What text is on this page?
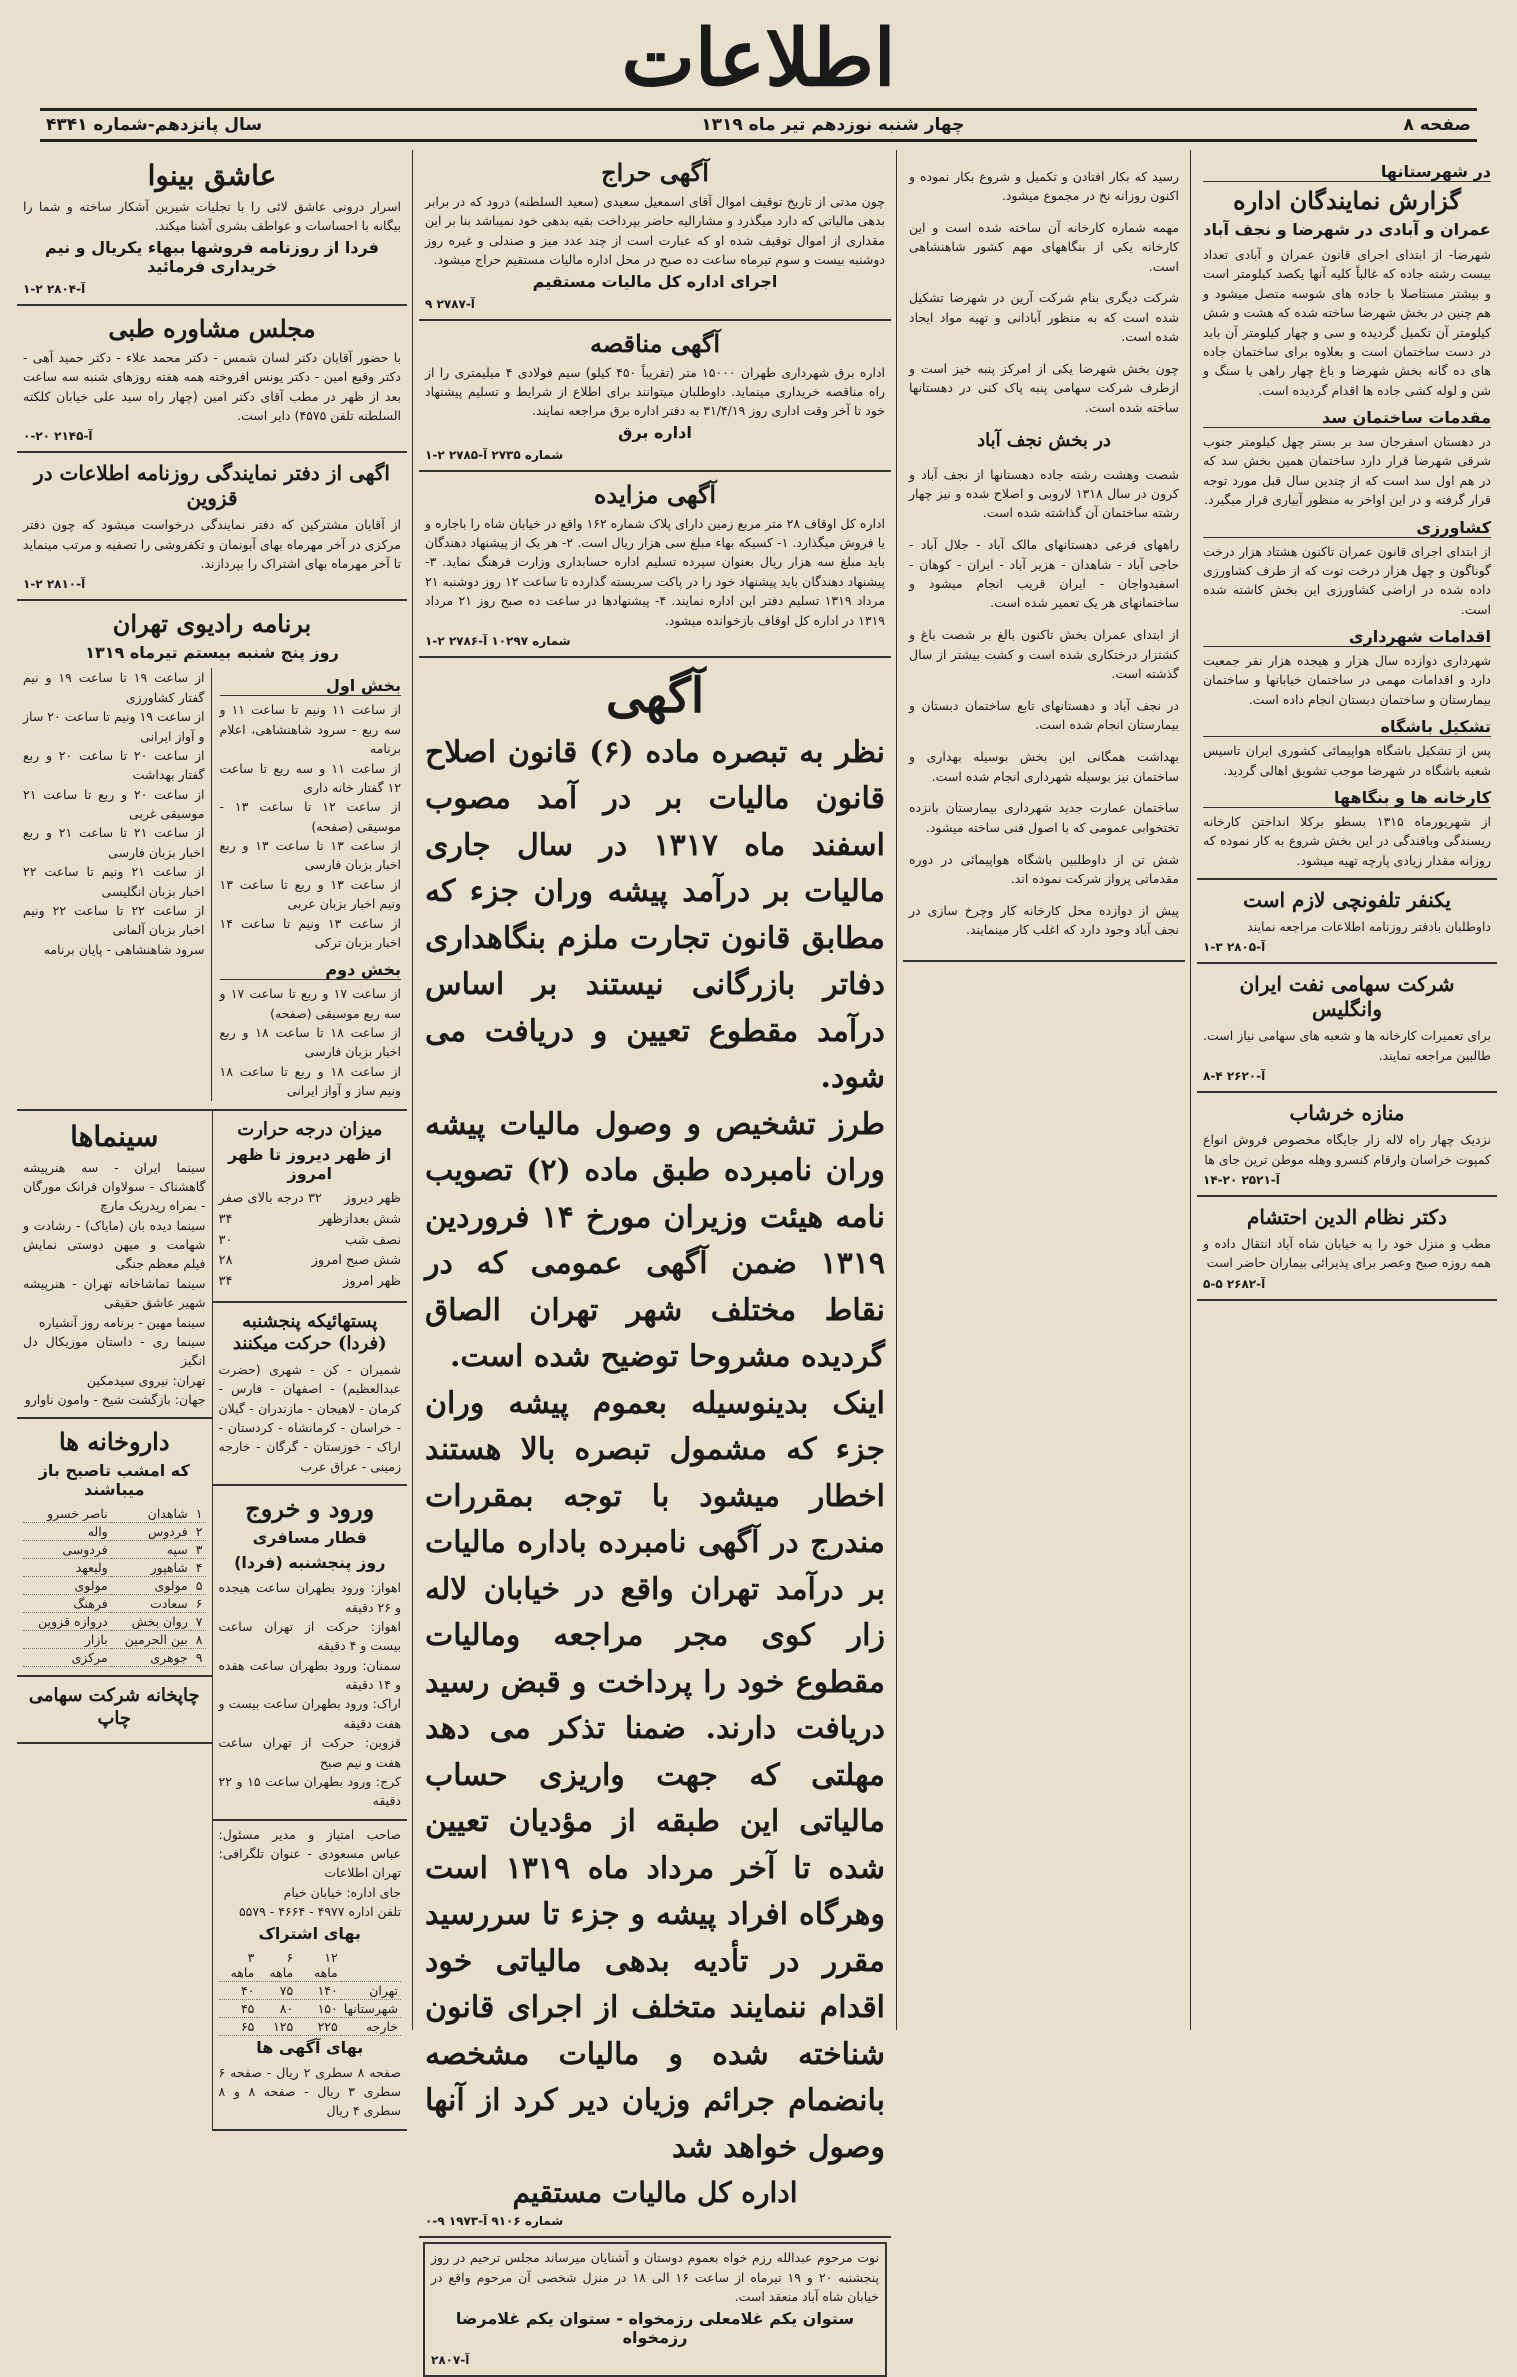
اطلاعات
صفحه ۸
چهار شنبه نوزدهم تیر ماه ۱۳۱۹
سال پانزدهم-شماره ۴۳۴۱
در شهرستانها
گزارش نمایندگان اداره
عمران و آبادی در شهرضا و نجف آباد
شهرضا- از ابتدای اجرای قانون عمران و آبادی تعداد بیست رشته جاده که غالباً کلیه آنها یکصد کیلومتر است و بیشتر مستاصلا با جاده های شوسه متصل میشود و هم چنین در بخش شهرضا ساخته شده که هشت و شش کیلومتر آن تکمیل گردیده و سی و چهار کیلومتر آن باید در دست ساختمان است و بعلاوه برای ساختمان جاده های ده گانه بخش شهرضا و باغ چهار راهی با سنگ و شن و لوله کشی جاده ها اقدام گردیده است.
مقدمات ساختمان سد
در دهستان اسفرجان سد بر بستر چهل کیلومتر جنوب شرقی شهرضا قرار دارد ساختمان همین بخش سد که در هم اول سد است که از چندین سال قبل مورد توجه قرار گرفته و در این اواخر به منظور آبیاری قرار میگیرد.
کشاورزی
از ابتدای اجرای قانون عمران تاکنون هشتاد هزار درخت گوناگون و چهل هزار درخت توت که از طرف کشاورزی داده شده در اراضی کشاورزی این بخش کاشته شده است.
اقدامات شهرداری
شهرداری دوازده سال هزار و هیجده هزار نفر جمعیت دارد و اقدامات مهمی در ساختمان خیابانها و ساختمان بیمارستان و ساختمان دبستان انجام داده است.
تشکیل باشگاه
پس از تشکیل باشگاه هواپیمائی کشوری ایران تاسیس شعبه باشگاه در شهرضا موجب تشویق اهالی گردید.
کارخانه ها و بنگاهها
از شهریورماه ۱۳۱۵ بسطو برکلا انداختن کارخانه ریسندگی وبافندگی در این بخش شروع به کار نموده که روزانه مقدار زیادی پارچه تهیه میشود.
یکنفر تلفونچی لازم است
داوطلبان بادفتر روزنامه اطلاعات مراجعه نمایند
آ-۲۸۰۵ ۳-۱
شرکت سهامی نفت ایران وانگلیس
برای تعمیرات کارخانه ها و شعبه های سهامی نیاز است. طالبین مراجعه نمایند.
آ-۲۶۲۰ ۴-۸
منازه خرشاب
نزدیک چهار راه لاله زار جایگاه مخصوص فروش انواع کمپوت خراسان وارقام کنسرو وهله موطن ترين جای ها
آ-۲۵۲۱ ۲۰-۱۴
دکتر نظام الدین احتشام
مطب و منزل خود را به خیابان شاه آباد انتقال داده و همه روزه صبح وعصر برای پذیرائی بیماران حاضر است
آ-۲۶۸۲ ۵-۵

رسید که بکار افتادن و تکمیل و شروع بکار نموده و اکنون روزانه نخ در مجموع میشود.

مهمه شماره کارخانه آن ساخته شده است و این کارخانه یکی از بنگاههای مهم کشور شاهنشاهی است.

شرکت دیگری بنام شرکت آرین در شهرضا تشکیل شده است که به منظور آبادانی و تهیه مواد ایجاد شده است.

چون بخش شهرضا یکی از امرکز پنبه خیز است و ازطرف شرکت سهامی پنبه پاک کنی در دهستانها ساخته شده است.

در بخش نجف آباد

شصت وهشت رشته جاده دهستانها از نجف آباد و کرون در سال ۱۳۱۸ لاروبی و اصلاح شده و نیز چهار رشته ساختمان آن گذاشته شده است.

راههای فرعی دهستانهای مالک آباد - جلال آباد - حاجی آباد - شاهدان - هزیر آباد - ایران - کوهان - اسفیدواجان - ایران قریب انجام میشود و ساختمانهای هر یک تعمیر شده است.

از ابتدای عمران بخش تاکنون بالغ بر شصت باغ و کشتزار درختکاری شده است و کشت بیشتر از سال گذشته است.

در نجف آباد و دهستانهای تابع ساختمان دبستان و بیمارستان انجام شده است.

بهداشت همگانی این بخش بوسیله بهداری و ساختمان نیز بوسیله شهرداری انجام شده است.

ساختمان عمارت جدید شهرداری بیمارستان بانزده تختخوابی عمومی که با اصول فنی ساخته میشود.

شش تن از داوطلبین باشگاه هواپیمائی در دوره مقدماتی پرواز شرکت نموده اند.

پیش از دوازده محل کارخانه کار وچرخ سازی در نجف آباد وجود دارد که اغلب کار مینمایند.

آگهی حراج
چون مدتی از تاریخ توقیف اموال آقای اسمعیل سعیدی (سعید السلطنه) درود که در برابر بدهی مالیاتی که دارد میگذرد و مشارالیه حاضر بپرداخت بقیه بدهی خود نمیباشد بنا بر این مقداری از اموال توقیف شده او که عبارت است از چند عدد میز و صندلی و غیره روز دوشنبه بیست و سوم تیرماه ساعت ده صبح در محل اداره مالیات مستقیم حراج میشود.
اجرای اداره کل مالیات مستقیم
آ-۲۷۸۷ ۹
آگهی مناقصه
اداره برق شهرداری طهران ۱۵۰۰۰ متر (تقریباً ۴۵۰ کیلو) سیم فولادی ۴ میلیمتری را از راه مناقصه خریداری مینماید. داوطلبان میتوانند برای اطلاع از شرایط و تسلیم پیشنهاد خود تا آخر وقت اداری روز ۳۱/۴/۱۹ به دفتر اداره برق مراجعه نمایند.
اداره برق
شماره ۲۷۳۵ آ-۲۷۸۵ ۲-۱
آگهی مزایده
اداره کل اوقاف ۲۸ متر مربع زمین دارای پلاک شماره ۱۶۲ واقع در خیابان شاه را باجاره و یا فروش میگذارد. ۱- کسیکه بهاء مبلغ سی هزار ریال است. ۲- هر یک از پیشنهاد دهندگان باید مبلغ سه هزار ریال بعنوان سپرده تسلیم اداره حسابداری وزارت فرهنگ نماید. ۳- پیشنهاد دهندگان باید پیشنهاد خود را در پاکت سربسته گذارده تا ساعت ۱۲ روز دوشنبه ۲۱ مرداد ۱۳۱۹ تسلیم دفتر این اداره نمایند. ۴- پیشنهادها در ساعت ده صبح روز ۲۱ مرداد ۱۳۱۹ در اداره کل اوقاف بازخوانده میشود.
شماره ۱۰۲۹۷ آ-۲۷۸۶ ۲-۱
آگهی
نظر به تبصره ماده (۶) قانون اصلاح قانون مالیات بر در آمد مصوب اسفند ماه ۱۳۱۷ در سال جاری مالیات بر درآمد پیشه وران جزء که مطابق قانون تجارت ملزم بنگاهداری دفاتر بازرگانی نیستند بر اساس درآمد مقطوع تعیین و دریافت می شود.
طرز تشخیص و وصول مالیات پیشه وران نامبرده طبق ماده (۲) تصویب نامه هیئت وزیران مورخ ۱۴ فروردین ۱۳۱۹ ضمن آگهی عمومی که در نقاط مختلف شهر تهران الصاق گردیده مشروحا توضیح شده است.
اینک بدینوسیله بعموم پیشه وران جزء که مشمول تبصره بالا هستند اخطار میشود با توجه بمقررات مندرج در آگهی نامبرده باداره مالیات بر درآمد تهران واقع در خیابان لاله زار کوی مجر مراجعه ومالیات مقطوع خود را پرداخت و قبض رسید دریافت دارند. ضمنا تذکر می دهد مهلتی که جهت واریزی حساب مالیاتی این طبقه از مؤدیان تعیین شده تا آخر مرداد ماه ۱۳۱۹ است وهرگاه افراد پیشه و جزء تا سررسید مقرر در تأدیه بدهی مالیاتی خود اقدام ننمایند متخلف از اجرای قانون شناخته شده و مالیات مشخصه بانضمام جرائم وزیان دیر کرد از آنها وصول خواهد شد
اداره کل مالیات مستقیم
شماره ۹۱۰۶ آ-۱۹۷۳ ۹-۰
نوت مرحوم عبدالله رزم خواه بعموم دوستان و آشنایان میرساند مجلس ترحیم در روز پنجشنبه ۲۰ و ۱۹ تیرماه از ساعت ۱۶ الی ۱۸ در منزل شخصی آن مرحوم واقع در خیابان شاه آباد منعقد است.
ستوان یکم غلامعلی رزمخواه - ستوان یکم غلامرضا رزمخواه
آ-۲۸۰۷
عاشق بینوا
اسرار درونی عاشق لائی را با تجلیات شیرین آشکار ساخته و شما را بیگانه با احساسات و عواطف بشری آشنا میکند.
فردا از روزنامه فروشها ببهاء یکریال و نیم خریداری فرمائید
آ-۲۸۰۴ ۲-۱
مجلس مشاوره طبی
با حضور آقایان دکتر لسان شمس - دکتر محمد علاء - دکتر حمید آهی - دکتر وقیع امین - دکتر یونس افروخته همه هفته روزهای شنبه سه ساعت بعد از ظهر در مطب آقای دکتر امین (چهار راه سید علی خیابان کلکته السلطنه تلفن ۴۵۷۵) دایر است.
آ-۲۱۴۵ ۲۰-۰
اگهی از دفتر نمایندگی روزنامه اطلاعات در قزوین
از آقایان مشترکین که دفتر نمایندگی درخواست میشود که چون دفتر مرکزی در آخر مهرماه بهای آبونمان و تکفروشی را تصفیه و مرتب مینماید تا آخر مهرماه بهای اشتراک را بپردازند.
آ-۲۸۱۰ ۲-۱
برنامه رادیوی تهران
روز پنج شنبه بیستم تیرماه ۱۳۱۹
بخش اول
از ساعت ۱۱ ونیم تا ساعت ۱۱ و سه ربع - سرود شاهنشاهی، اعلام برنامه
از ساعت ۱۱ و سه ربع تا ساعت ۱۲ گفتار خانه داری
از ساعت ۱۲ تا ساعت ۱۳ - موسیقی (صفحه)
از ساعت ۱۳ تا ساعت ۱۳ و ربع اخبار بزبان فارسی
از ساعت ۱۳ و ربع تا ساعت ۱۳ ونیم اخبار بزبان عربی
از ساعت ۱۳ ونیم تا ساعت ۱۴ اخبار بزبان ترکی
بخش دوم
از ساعت ۱۷ و ربع تا ساعت ۱۷ و سه ربع موسیقی (صفحه)
از ساعت ۱۸ تا ساعت ۱۸ و ربع اخبار بزبان فارسی
از ساعت ۱۸ و ربع تا ساعت ۱۸ ونیم ساز و آواز ایرانی
از ساعت ۱۹ تا ساعت ۱۹ و نیم گفتار کشاورزی
از ساعت ۱۹ ونیم تا ساعت ۲۰ ساز و آواز ایرانی
از ساعت ۲۰ تا ساعت ۲۰ و ربع گفتار بهداشت
از ساعت ۲۰ و ربع تا ساعت ۲۱ موسیقی غربی
از ساعت ۲۱ تا ساعت ۲۱ و ربع اخبار بزبان فارسی
از ساعت ۲۱ ونیم تا ساعت ۲۲ اخبار بزبان انگلیسی
از ساعت ۲۲ تا ساعت ۲۲ ونیم اخبار بزبان آلمانی
سرود شاهنشاهی - پایان برنامه
میزان درجه حرارت
از ظهر دیروز تا ظهر امروز
ظهر دیروز
۳۲ درجه بالای صفر
شش بعدازظهر
۳۴
نصف شب
۳۰
شش صبح امروز
۲۸
ظهر امروز
۳۴
پستهائیکه پنجشنبه (فردا) حرکت میکنند
شمیران - کن - شهری (حضرت عبدالعظیم) - اصفهان - فارس - کرمان - لاهیجان - مازندران - گیلان - خراسان - کرمانشاه - کردستان - اراک - خوزستان - گرگان - خارجه زمینی - عراق عرب
ورود و خروج
قطار مسافری
روز پنجشنبه (فردا)
اهواز: ورود بطهران ساعت هیجده و ۲۶ دقیقه
اهواز: حرکت از تهران ساعت بیست و ۴ دقیقه
سمنان: ورود بطهران ساعت هفده و ۱۴ دقیقه
اراک: ورود بطهران ساعت بیست و هفت دقیقه
قزوین: حرکت از تهران ساعت هفت و نیم صبح
کرج: ورود بطهران ساعت ۱۵ و ۲۲ دقیقه
صاحب امتیاز و مدیر مسئول: عباس مسعودی - عنوان تلگرافی: تهران اطلاعات
جای اداره: خیابان خیام
تلفن اداره ۴۹۷۷ - ۴۶۶۴ - ۵۵۷۹
بهای اشتراک
	۱۲ ماهه	۶ ماهه	۳ ماهه
تهران	۱۴۰	۷۵	۴۰
شهرستانها	۱۵۰	۸۰	۴۵
خارجه	۲۲۵	۱۲۵	۶۵
بهای آگهی ها
صفحه ۸ سطری ۲ ریال - صفحه ۶ سطری ۳ ریال - صفحه ۸ و ۸ سطری ۴ ریال
سینماها
سینما ایران - سه هنرپیشه گاهشناک - سولاوان فرانک مورگان - بمراه ریدریک مارچ
سینما دیده بان (مایاک) - رشادت و شهامت و میهن دوستی نمایش فیلم معظم جنگی
سینما تماشاخانه تهران - هنرپیشه شهیر عاشق حقیقی
سینما مهین - برنامه روز آنشیاره
سینما ری - داستان موزیکال دل انگیز
تهران: نیروی سیدمکین
جهان: بازگشت شیخ - وامون ناوارو
داروخانه ها
که امشب تاصبح باز میباشند
۱	شاهدان	ناصر خسرو
۲	فردوس	واله
۳	سپه	فردوسی
۴	شاهپور	ولیعهد
۵	مولوی	مولوی
۶	سعادت	فرهنگ
۷	روان بخش	دروازه قزوین
۸	بین الحرمین	بازار
۹	جوهری	مرکزی
چاپخانه شرکت سهامی چاپ
